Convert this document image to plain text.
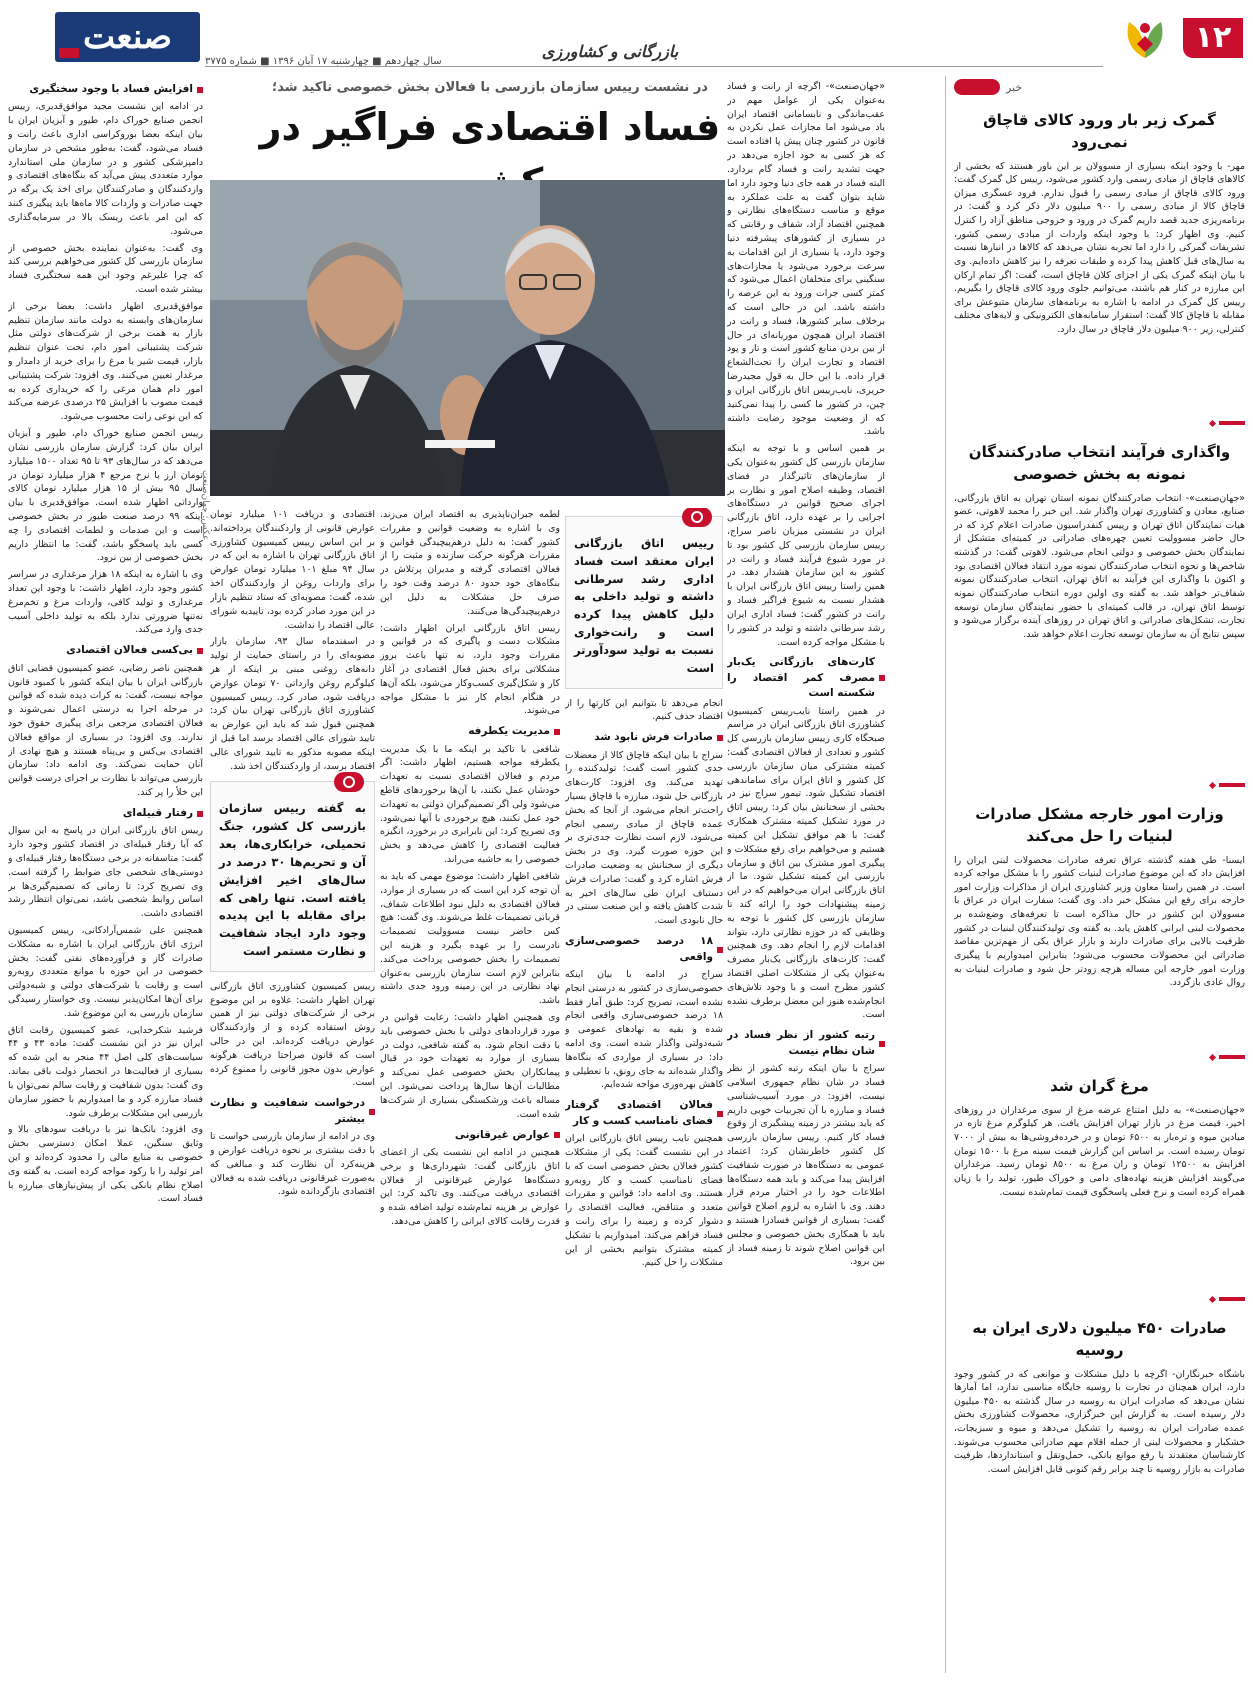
۱۲
بازرگانی و کشاورزی
سال چهاردهم ■ چهارشنبه ۱۷ آبان ۱۳۹۶ ■ شماره ۳۷۷۵
صنعت
خبر
گمرک زیر بار ورود کالای قاچاق نمی‌رود
مهر- با وجود اینکه بسیاری از مسوولان بر این باور هستند که بخشی از کالاهای قاچاق از مبادی رسمی وارد کشور می‌شود، رییس کل گمرک گفت: ورود کالای قاچاق از مبادی رسمی را قبول ندارم. فرود عسگری میزان قاچاق کالا از مبادی رسمی را ۹۰۰ میلیون دلار ذکر کرد و گفت: در برنامه‌ریزی جدید قصد داریم گمرک در ورود و خروجی مناطق آزاد را کنترل کنیم. وی اظهار کرد: با وجود اینکه واردات از مبادی رسمی کشور، تشریفات گمرکی را دارد اما تجربه نشان می‌دهد که کالاها در انبارها نسبت به سال‌های قبل کاهش پیدا کرده و طبقات تعرفه را نیز کاهش داده‌ایم. وی با بیان اینکه گمرک یکی از اجزای کلان قاچاق است، گفت: اگر تمام ارکان این مبارزه در کنار هم باشند، می‌توانیم جلوی ورود کالای قاچاق را بگیریم. رییس کل گمرک در ادامه با اشاره به برنامه‌های سازمان متبوعش برای مقابله با قاچاق کالا گفت: استقرار سامانه‌های الکترونیکی و لایه‌های مختلف کنترلی، زیر ۹۰۰ میلیون دلار قاچاق در سال دارد.
واگذاری فرآیند انتخاب صادرکنندگان نمونه به بخش خصوصی
«جهان‌صنعت»- انتخاب صادرکنندگان نمونه استان تهران به اتاق بازرگانی، صنایع، معادن و کشاورزی تهران واگذار شد. این خبر را محمد لاهوتی، عضو هیات نمایندگان اتاق تهران و رییس کنفدراسیون صادرات اعلام کرد که در حال حاضر مسوولیت تعیین چهره‌های صادراتی در کمیته‌ای متشکل از نمایندگان بخش خصوصی و دولتی انجام می‌شود. لاهوتی گفت: در گذشته شاخص‌ها و نحوه انتخاب صادرکنندگان نمونه مورد انتقاد فعالان اقتصادی بود و اکنون با واگذاری این فرآیند به اتاق تهران، انتخاب صادرکنندگان نمونه شفاف‌تر خواهد شد. به گفته وی اولین دوره انتخاب صادرکنندگان نمونه توسط اتاق تهران، در قالب کمیته‌ای با حضور نمایندگان سازمان توسعه تجارت، تشکل‌های صادراتی و اتاق تهران در روزهای آینده برگزار می‌شود و سپس نتایج آن به سازمان توسعه تجارت اعلام خواهد شد.
وزارت امور خارجه مشکل صادرات لبنیات را حل می‌کند
ایسنا- طی هفته گذشته عراق تعرفه صادرات محصولات لبنی ایران را افزایش داد که این موضوع صادرات لبنیات کشور را با مشکل مواجه کرده است. در همین راستا معاون وزیر کشاورزی ایران از مذاکرات وزارت امور خارجه برای رفع این مشکل خبر داد. وی گفت: سفارت ایران در عراق با مسوولان این کشور در حال مذاکره است تا تعرفه‌های وضع‌شده بر محصولات لبنی ایرانی کاهش یابد. به گفته وی تولیدکنندگان لبنیات در کشور ظرفیت بالایی برای صادرات دارند و بازار عراق یکی از مهم‌ترین مقاصد صادراتی این محصولات محسوب می‌شود؛ بنابراین امیدواریم با پیگیری وزارت امور خارجه این مساله هرچه زودتر حل شود و صادرات لبنیات به روال عادی بازگردد.
مرغ گران شد
«جهان‌صنعت»- به دلیل امتناع عرضه مرغ از سوی مرغداران در روزهای اخیر، قیمت مرغ در بازار تهران افزایش یافت. هر کیلوگرم مرغ تازه در میادین میوه و تره‌بار به ۶۵۰۰ تومان و در خرده‌فروشی‌ها به بیش از ۷۰۰۰ تومان رسیده است. بر اساس این گزارش قیمت سینه مرغ با ۱۵۰۰ تومان افزایش به ۱۲۵۰۰ تومان و ران مرغ به ۸۵۰۰ تومان رسید. مرغداران می‌گویند افزایش هزینه نهاده‌های دامی و خوراک طیور، تولید را با زیان همراه کرده است و نرخ فعلی پاسخگوی قیمت تمام‌شده نیست.
صادرات ۴۵۰ میلیون دلاری ایران به روسیه
باشگاه خبرنگاران- اگرچه با دلیل مشکلات و موانعی که در کشور وجود دارد، ایران همچنان در تجارت با روسیه جایگاه مناسبی ندارد، اما آمارها نشان می‌دهد که صادرات ایران به روسیه در سال گذشته به ۴۵۰ میلیون دلار رسیده است. به گزارش این خبرگزاری، محصولات کشاورزی بخش عمده صادرات ایران به روسیه را تشکیل می‌دهد و میوه و سبزیجات، خشکبار و محصولات لبنی از جمله اقلام مهم صادراتی محسوب می‌شوند. کارشناسان معتقدند با رفع موانع بانکی، حمل‌ونقل و استانداردها، ظرفیت صادرات به بازار روسیه تا چند برابر رقم کنونی قابل افزایش است.
در نشست رییس سازمان بازرسی با فعالان بخش خصوصی تاکید شد؛
فساد اقتصادی فراگیر در
عکس: جهان‌صنعت

«جهان‌صنعت»- اگرچه از رانت و فساد به‌عنوان یکی از عوامل مهم در عقب‌ماندگی و نابسامانی اقتصاد ایران یاد می‌شود اما مجازات عمل نکردن به قانون در کشور چنان پیش پا افتاده است که هر کسی به خود اجازه می‌دهد در جهت تشدید رانت و فساد گام بردارد. البته فساد در همه جای دنیا وجود دارد اما شاید بتوان گفت به علت عملکرد به موقع و مناسب دستگاه‌های نظارتی و همچنین اقتصاد آزاد، شفاف و رقابتی که در بسیاری از کشورهای پیشرفته دنیا وجود دارد، یا بسیاری از این اقدامات به سرعت برخورد می‌شود یا مجازات‌های سنگینی برای متخلفان اعمال می‌شود که کمتر کسی جرات ورود به این عرصه را داشته باشد. این در حالی است که برخلاف سایر کشورها، فساد و رانت در اقتصاد ایران همچون موریانه‌ای در حال از بین بردن منابع کشور است و تار و پود اقتصاد و تجارت ایران را تحت‌الشعاع قرار داده. با این حال به قول مجیدرضا حریری، نایب‌رییس اتاق بازرگانی ایران و چین، در کشور ما کسی را پیدا نمی‌کنید که از وضعیت موجود رضایت داشته باشد.

بر همین اساس و با توجه به اینکه سازمان بازرسی کل کشور به‌عنوان یکی از سازمان‌های تاثیرگذار در فضای اقتصاد، وظیفه اصلاح امور و نظارت بر اجرای صحیح قوانین در دستگاه‌های اجرایی را بر عهده دارد، اتاق بازرگانی ایران در نشستی میزبان ناصر سراج، رییس سازمان بازرسی کل کشور بود تا در مورد شیوع فرآیند فساد و رانت در کشور به این سازمان هشدار دهد. در همین راستا رییس اتاق بازرگانی ایران با هشدار نسبت به شیوع فراگیر فساد و رانت در کشور گفت: فساد اداری ایران رشد سرطانی داشته و تولید در کشور را با مشکل مواجه کرده است.

کارت‌های بازرگانی یک‌بار مصرف کمر اقتصاد را شکسته است

در همین راستا نایب‌رییس کمیسیون کشاورزی اتاق بازرگانی ایران در مراسم صبحگاه کاری رییس سازمان بازرسی کل کشور و تعدادی از فعالان اقتصادی گفت: کمیته مشترکی میان سازمان بازرسی کل کشور و اتاق ایران برای ساماندهی اقتصاد تشکیل شود. تیمور سراج نیز در بخشی از سخنانش بیان کرد: رییس اتاق در مورد تشکیل کمیته مشترک همکاری گفت: با هم موافق تشکیل این کمیته هستیم و می‌خواهیم برای رفع مشکلات و پیگیری امور مشترک بین اتاق و سازمان بازرسی این کمیته تشکیل شود. ما از اتاق بازرگانی ایران می‌خواهیم که در این زمینه پیشنهادات خود را ارائه کند تا سازمان بازرسی کل کشور با توجه به وظایفی که در حوزه نظارتی دارد، بتواند اقدامات لازم را انجام دهد. وی همچنین گفت: کارت‌های بازرگانی یک‌بار مصرف به‌عنوان یکی از مشکلات اصلی اقتصاد کشور مطرح است و با وجود تلاش‌های انجام‌شده هنوز این معضل برطرف نشده است.

رتبه کشور از نظر فساد در شان نظام نیست

سراج با بیان اینکه رتبه کشور از نظر فساد در شان نظام جمهوری اسلامی نیست، افزود: در مورد آسیب‌شناسی فساد و مبارزه با آن تجربیات خوبی داریم که باید بیشتر در زمینه پیشگیری از وقوع فساد کار کنیم. رییس سازمان بازرسی کل کشور خاطرنشان کرد: اعتماد عمومی به دستگاه‌ها در صورت شفافیت افزایش پیدا می‌کند و باید همه دستگاه‌ها اطلاعات خود را در اختیار مردم قرار دهند. وی با اشاره به لزوم اصلاح قوانین گفت: بسیاری از قوانین فسادزا هستند و باید با همکاری بخش خصوصی و مجلس این قوانین اصلاح شوند تا زمینه فساد از بین برود.

رییس اتاق بازرگانی ایران معتقد است فساد اداری رشد سرطانی داشته و تولید داخلی به دلیل کاهش پیدا کرده است و رانت‌خواری نسبت به تولید سودآورتر است

انجام می‌دهد تا بتوانیم این کارتها را از اقتصاد حذف کنیم.

صادرات فرش نابود شد

سراج با بیان اینکه قاچاق کالا از معضلات جدی کشور است گفت: تولیدکننده را تهدید می‌کند. وی افزود: کارت‌های بازرگانی حل‌ شود، مبارزه با قاچاق بسیار راحت‌تر انجام می‌شود. از آنجا که بخش عمده قاچاق از مبادی رسمی انجام می‌شود، لازم است نظارت جدی‌تری بر این حوزه صورت گیرد. وی در بخش دیگری از سخنانش به وضعیت صادرات فرش اشاره کرد و گفت: صادرات فرش دستباف ایران طی سال‌های اخیر به شدت کاهش یافته و این صنعت سنتی در حال نابودی است.

۱۸ درصد خصوصی‌سازی واقعی

سراج در ادامه با بیان اینکه خصوصی‌سازی در کشور به درستی انجام نشده است، تصریح کرد: طبق آمار فقط ۱۸ درصد خصوصی‌سازی واقعی انجام شده و بقیه به نهادهای عمومی و شبه‌دولتی واگذار شده است. وی ادامه داد: در بسیاری از مواردی که بنگاه‌ها واگذار شده‌اند به جای رونق، با تعطیلی و کاهش بهره‌وری مواجه شده‌ایم.

فعالان اقتصادی گرفتار فضای نامناسب کسب و کار

همچنین نایب رییس اتاق بازرگانی ایران در این نشست گفت: یکی از مشکلات کشور فعالان بخش خصوصی است که با فضای نامناسب کسب و کار روبه‌رو هستند. وی ادامه داد: قوانین و مقررات متعدد و متناقض، فعالیت اقتصادی را دشوار کرده و زمینه را برای رانت و فساد فراهم می‌کند. امیدواریم با تشکیل کمیته مشترک بتوانیم بخشی از این مشکلات را حل کنیم.

لطمه جبران‌ناپذیری به اقتصاد ایران می‌زند. وی با اشاره به وضعیت قوانین و مقررات کشور گفت: به دلیل درهم‌پیچیدگی قوانین و مقررات هرگونه حرکت سازنده و مثبت را از فعالان اقتصادی گرفته و مدیران پرتلاش در بنگاه‌های خود حدود ۸۰ درصد وقت خود را صرف حل مشکلات به دلیل این درهم‌پیچیدگی‌ها می‌کنند.

رییس اتاق بازرگانی ایران اظهار داشت: مشکلات دست و پاگیری که در قوانین و مقررات وجود دارد، نه تنها باعث بروز مشکلاتی برای بخش فعال اقتصادی در آغاز کار و شکل‌گیری کسب‌وکار می‌شود، بلکه آن‌ها در هنگام انجام کار نیز با مشکل مواجه می‌شوند.

مدیریت یکطرفه

شافعی با تاکید بر اینکه ما با یک مدیریت یکطرفه مواجه هستیم، اظهار داشت: اگر مردم و فعالان اقتصادی نسبت به تعهدات خودشان عمل نکنند، با آن‌ها برخوردهای قاطع می‌شود ولی اگر تصمیم‌گیران دولتی به تعهدات خود عمل نکنند، هیچ برخوردی با آنها نمی‌شود. وی تصریح کرد: این نابرابری در برخورد، انگیزه فعالیت اقتصادی را کاهش می‌دهد و بخش خصوصی را به حاشیه می‌راند.

شافعی اظهار داشت: موضوع مهمی که باید به آن توجه کرد این است که در بسیاری از موارد، فعالان اقتصادی به دلیل نبود اطلاعات شفاف، قربانی تصمیمات غلط می‌شوند. وی گفت: هیچ کس حاضر نیست مسوولیت تصمیمات نادرست را بر عهده بگیرد و هزینه این تصمیمات را بخش خصوصی پرداخت می‌کند. بنابراین لازم است سازمان بازرسی به‌عنوان نهاد نظارتی در این زمینه ورود جدی داشته باشد.

وی همچنین اظهار داشت: رعایت قوانین در مورد قراردادهای دولتی با بخش خصوصی باید با دقت انجام شود. به گفته شافعی، دولت در بسیاری از موارد به تعهدات خود در قبال پیمانکاران بخش خصوصی عمل نمی‌کند و مطالبات آن‌ها سال‌ها پرداخت نمی‌شود. این مساله باعث ورشکستگی بسیاری از شرکت‌ها شده است.

عوارض غیرقانونی

همچنین در ادامه این نشست یکی از اعضای اتاق بازرگانی گفت: شهرداری‌ها و برخی دستگاه‌ها عوارض غیرقانونی از فعالان اقتصادی دریافت می‌کنند. وی تاکید کرد: این عوارض بر هزینه تمام‌شده تولید اضافه شده و قدرت رقابت کالای ایرانی را کاهش می‌دهد.

اقتصادی و دریافت ۱۰۱ میلیارد تومان عوارض قانونی از واردکنندگان پرداخته‌اند. بر این اساس رییس کمیسیون کشاورزی اتاق بازرگانی تهران با اشاره به این که در سال ۹۴ مبلغ ۱۰۱ میلیارد تومان عوارض برای واردات روغن از واردکنندگان اخذ شده، گفت: مصوبه‌ای که ستاد تنظیم بازار در این مورد صادر کرده بود، تاییدیه شورای عالی اقتصاد را نداشت.

در اسفندماه سال ۹۳، سازمان بازار مصوبه‌ای را در راستای حمایت از تولید دانه‌های روغنی مبنی بر اینکه از هر کیلوگرم روغن وارداتی ۷۰ تومان عوارض دریافت شود، صادر کرد. رییس کمیسیون کشاورزی اتاق بازرگانی تهران بیان کرد: همچنین قبول شد که باید این عوارض به تایید شورای عالی اقتصاد برسد اما قبل از اینکه مصوبه مذکور به تایید شورای عالی اقتصاد برسد، از واردکنندگان اخذ شد.

به گفته رییس سازمان بازرسی کل کشور، جنگ تحمیلی، خرابکاری‌ها، بعد آن و تحریم‌ها ۳۰ درصد در سال‌های اخیر افزایش یافته است. تنها راهی که برای مقابله با این پدیده وجود دارد ایجاد شفافیت و نظارت مستمر است

رییس کمیسیون کشاورزی اتاق بازرگانی تهران اظهار داشت: علاوه بر این موضوع برخی از شرکت‌های دولتی نیز از همین روش استفاده کرده و از واردکنندگان عوارض دریافت کرده‌اند. این در حالی است که قانون صراحتا دریافت هرگونه عوارض بدون مجوز قانونی را ممنوع کرده است.

درخواست شفافیت و نظارت بیشتر

وی در ادامه از سازمان بازرسی خواست تا با دقت بیشتری بر نحوه دریافت عوارض و هزینه‌کرد آن نظارت کند و مبالغی که به‌صورت غیرقانونی دریافت شده به فعالان اقتصادی بازگردانده شود.

افزایش فساد با وجود سختگیری

در ادامه این نشست مجید موافق‌قدیری، رییس انجمن صنایع خوراک دام، طیور و آبزیان ایران با بیان اینکه بعضا بوروکراسی اداری باعث رانت و فساد می‌شود، گفت: به‌طور مشخص در سازمان دامپزشکی کشور و در سازمان ملی استاندارد موارد متعددی پیش می‌آید که بنگاه‌های اقتصادی و واردکنندگان و صادرکنندگان برای اخذ یک برگه در جهت صادرات و واردات کالا ماه‌ها باید پیگیری کنند که این امر باعث ریسک بالا در سرمایه‌گذاری می‌شود.

وی گفت: به‌عنوان نماینده بخش خصوصی از سازمان بازرسی کل کشور می‌خواهیم بررسی کند که چرا علیرغم وجود این همه سختگیری فساد بیشتر شده است.

موافق‌قدیری اظهار داشت: بعضا برخی از سازمان‌های وابسته به دولت مانند سازمان تنظیم بازار به همت برخی از شرکت‌های دولتی مثل شرکت پشتیبانی امور دام، تحت عنوان تنظیم بازار، قیمت شیر یا مرغ را برای خرید از دامدار و مرغدار تعیین می‌کنند. وی افزود: شرکت پشتیبانی امور دام همان مرغی را که خریداری کرده به قیمت مصوب با افزایش ۲۵ درصدی عرضه می‌کند که این نوعی رانت محسوب می‌شود.

رییس انجمن صنایع خوراک دام، طیور و آبزیان ایران بیان کرد: گزارش سازمان بازرسی نشان می‌دهد که در سال‌های ۹۳ تا ۹۵ تعداد ۱۵۰۰ میلیارد تومان ارز با نرخ مرجع ۴ هزار میلیارد تومان در سال ۹۵ بیش از ۱۵ هزار میلیارد تومان کالای وارداتی اظهار شده است. موافق‌قدیری با بیان اینکه ۹۹ درصد صنعت طیور در بخش خصوصی است و این صدمات و لطمات اقتصادی را چه کسی باید پاسخگو باشد، گفت: ما انتظار داریم بخش خصوصی از بین نرود.

وی با اشاره به اینکه ۱۸ هزار مرغداری در سراسر کشور وجود دارد، اظهار داشت: با وجود این تعداد مرغداری و تولید کافی، واردات مرغ و تخم‌مرغ نه‌تنها ضرورتی ندارد بلکه به تولید داخلی آسیب جدی وارد می‌کند.

بی‌کسی فعالان اقتصادی

همچنین ناصر رضایی، عضو کمیسیون قضایی اتاق بازرگانی ایران با بیان اینکه کشور با کمبود قانون مواجه نیست، گفت: به کرات دیده شده که قوانین در مرحله اجرا به درستی اعمال نمی‌شوند و فعالان اقتصادی مرجعی برای پیگیری حقوق خود ندارند. وی افزود: در بسیاری از مواقع فعالان اقتصادی بی‌کس و بی‌پناه هستند و هیچ نهادی از آنان حمایت نمی‌کند. وی ادامه داد: سازمان بازرسی می‌تواند با نظارت بر اجرای درست قوانین این خلأ را پر کند.

رفتار قبیله‌ای

رییس اتاق بازرگانی ایران در پاسخ به این سوال که آیا رفتار قبیله‌ای در اقتصاد کشور وجود دارد گفت: متاسفانه در برخی دستگاه‌ها رفتار قبیله‌ای و دوستی‌های شخصی جای ضوابط را گرفته است. وی تصریح کرد: تا زمانی که تصمیم‌گیری‌ها بر اساس روابط شخصی باشد، نمی‌توان انتظار رشد اقتصادی داشت.

همچنین علی شمس‌آرادکانی، رییس کمیسیون انرژی اتاق بازرگانی ایران با اشاره به مشکلات صادرات گاز و فرآورده‌های نفتی گفت: بخش خصوصی در این حوزه با موانع متعددی روبه‌رو است و رقابت با شرکت‌های دولتی و شبه‌دولتی برای آن‌ها امکان‌پذیر نیست. وی خواستار رسیدگی سازمان بازرسی به این موضوع شد.

فرشید شکرخدایی، عضو کمیسیون رقابت اتاق ایران نیز در این نشست گفت: ماده ۴۳ و ۴۴ سیاست‌های کلی اصل ۴۴ منجر به این شده که بسیاری از فعالیت‌ها در انحصار دولت باقی بماند. وی گفت: بدون شفافیت و رقابت سالم نمی‌توان با فساد مبارزه کرد و ما امیدواریم با حضور سازمان بازرسی این مشکلات برطرف شود.

وی افزود: بانک‌ها نیز با دریافت سودهای بالا و وثایق سنگین، عملا امکان دسترسی بخش خصوصی به منابع مالی را محدود کرده‌اند و این امر تولید را با رکود مواجه کرده است. به گفته وی اصلاح نظام بانکی یکی از پیش‌نیازهای مبارزه با فساد است.
